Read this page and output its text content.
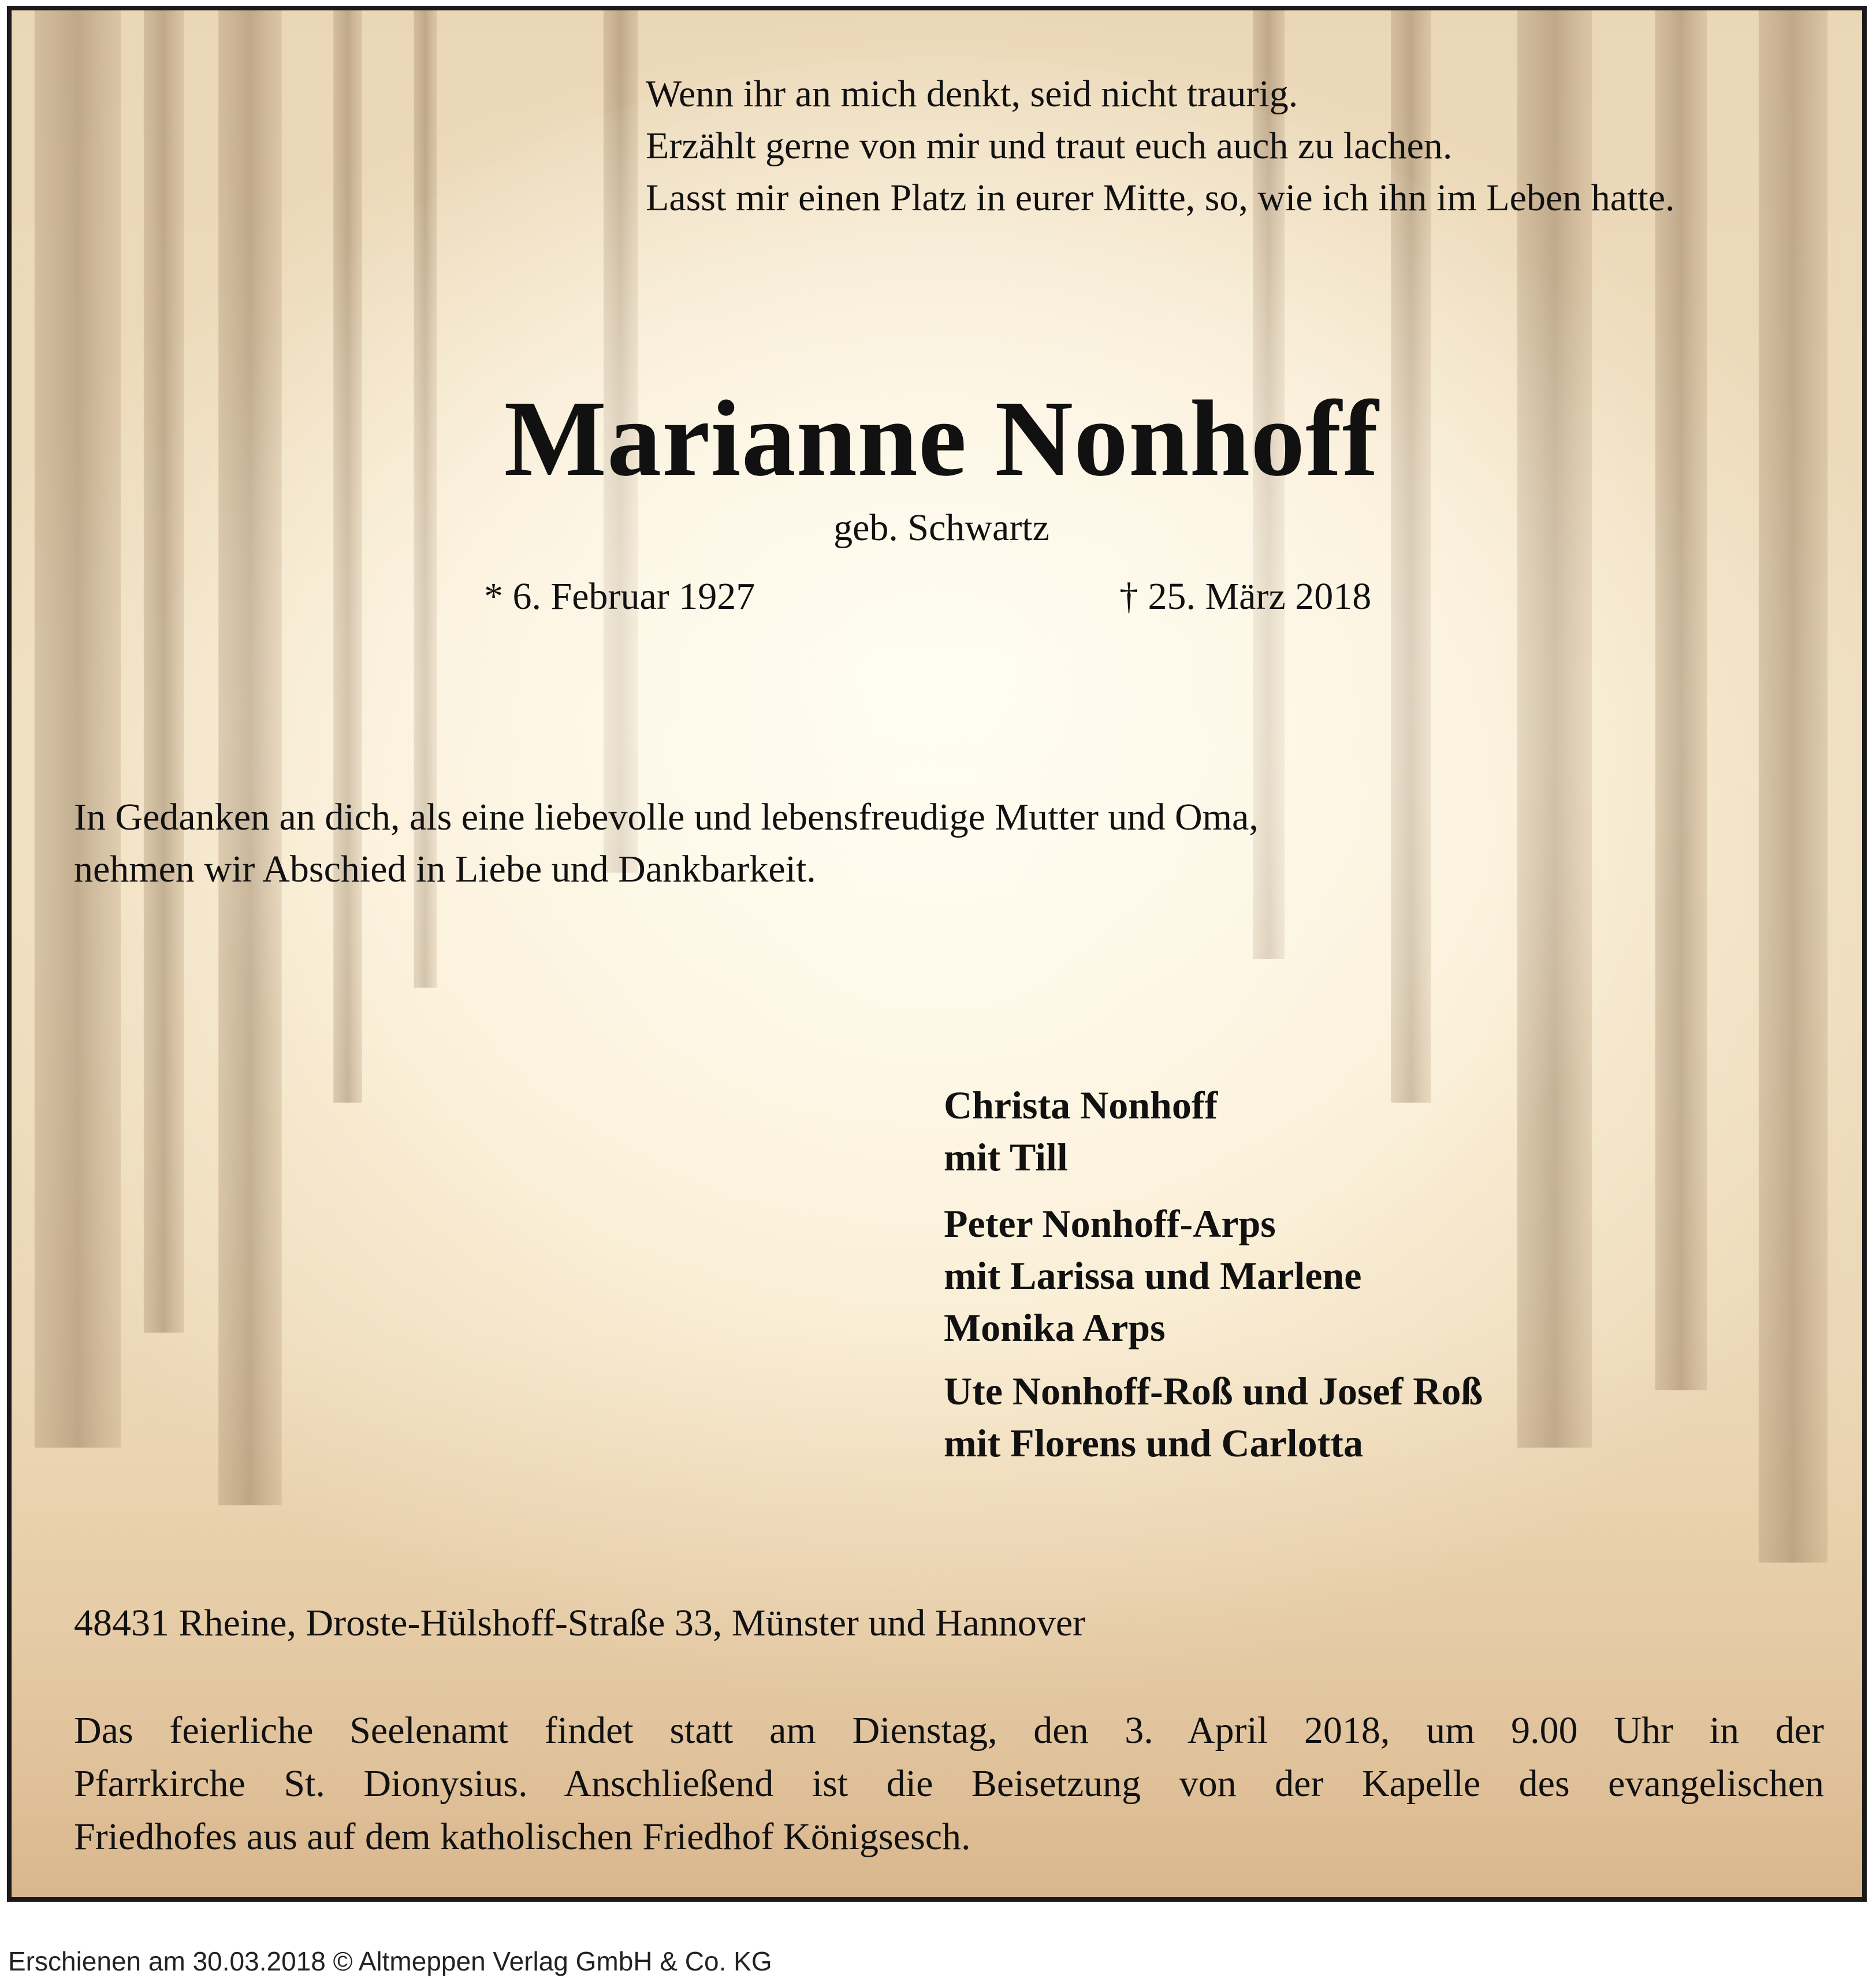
Wenn ihr an mich denkt, seid nicht traurig.
Erzählt gerne von mir und traut euch auch zu lachen.
Lasst mir einen Platz in eurer Mitte, so, wie ich ihn im Leben hatte.
Marianne Nonhoff
geb. Schwartz
* 6. Februar 1927	† 25. März 2018
In Gedanken an dich, als eine liebevolle und lebensfreudige Mutter und Oma,
nehmen wir Abschied in Liebe und Dankbarkeit.
Christa Nonhoff
mit Till
Peter Nonhoff-Arps
mit Larissa und Marlene
Monika Arps
Ute Nonhoff-Roß und Josef Roß
mit Florens und Carlotta
48431 Rheine, Droste-Hülshoff-Straße 33, Münster und Hannover
Das feierliche Seelenamt findet statt am Dienstag, den 3. April 2018, um 9.00 Uhr in der
Pfarrkirche St. Dionysius. Anschließend ist die Beisetzung von der Kapelle des evangelischen
Friedhofes aus auf dem katholischen Friedhof Königsesch.
Erschienen am 30.03.2018 © Altmeppen Verlag GmbH & Co. KG
